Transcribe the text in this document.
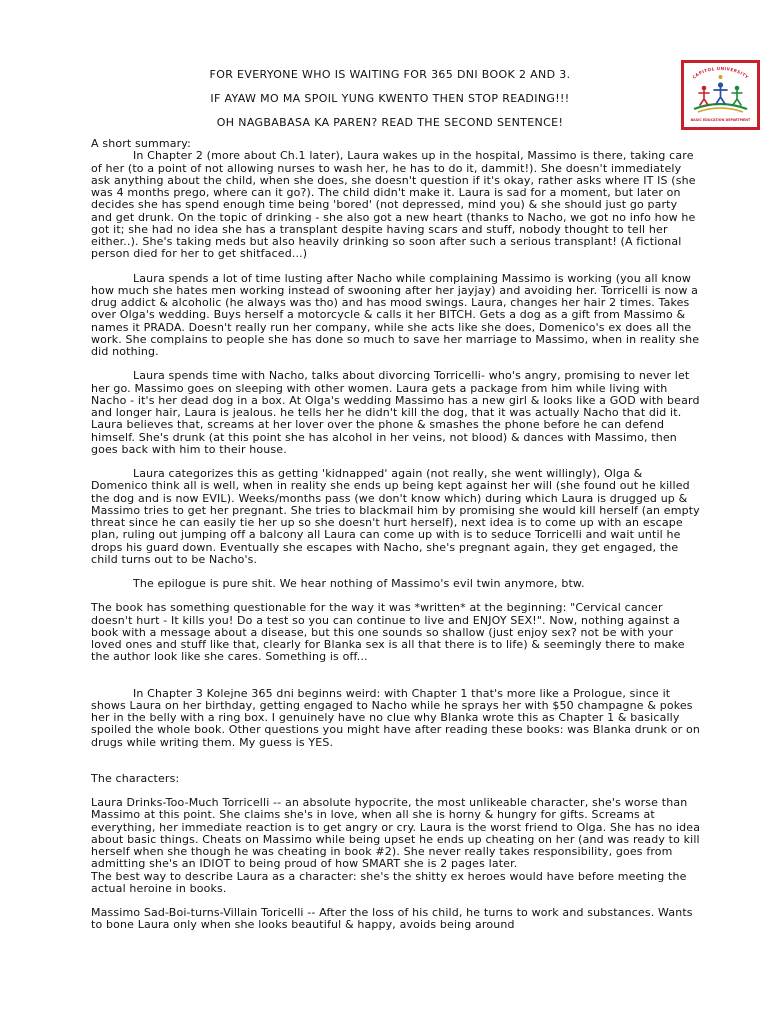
CAPITOL UNIVERSITY
BASIC EDUCATION DEPARTMENT

FOR EVERYONE WHO IS WAITING FOR 365 DNI BOOK 2 AND 3.

IF AYAW MO MA SPOIL YUNG KWENTO THEN STOP READING!!!

OH NAGBABASA KA PAREN? READ THE SECOND SENTENCE!

A short summary:

In Chapter 2 (more about Ch.1 later), Laura wakes up in the hospital, Massimo is there, taking care of her (to a point of not allowing nurses to wash her, he has to do it, dammit!). She doesn't immediately ask anything about the child, when she does, she doesn't question if it's okay, rather asks where IT IS (she was 4 months prego, where can it go?). The child didn't make it. Laura is sad for a moment, but later on decides she has spend enough time being 'bored' (not depressed, mind you) & she should just go party and get drunk. On the topic of drinking - she also got a new heart (thanks to Nacho, we got no info how he got it; she had no idea she has a transplant despite having scars and stuff, nobody thought to tell her either..). She's taking meds but also heavily drinking so soon after such a serious transplant! (A fictional person died for her to get shitfaced...)

Laura spends a lot of time lusting after Nacho while complaining Massimo is working (you all know how much she hates men working instead of swooning after her jayjay) and avoiding her. Torricelli is now a drug addict & alcoholic (he always was tho) and has mood swings. Laura, changes her hair 2 times. Takes over Olga's wedding. Buys herself a motorcycle & calls it her BITCH. Gets a dog as a gift from Massimo & names it PRADA. Doesn't really run her company, while she acts like she does, Domenico's ex does all the work. She complains to people she has done so much to save her marriage to Massimo, when in reality she did nothing.

Laura spends time with Nacho, talks about divorcing Torricelli- who's angry, promising to never let her go. Massimo goes on sleeping with other women. Laura gets a package from him while living with Nacho - it's her dead dog in a box. At Olga's wedding Massimo has a new girl & looks like a GOD with beard and longer hair, Laura is jealous. he tells her he didn't kill the dog, that it was actually Nacho that did it. Laura believes that, screams at her lover over the phone & smashes the phone before he can defend himself. She's drunk (at this point she has alcohol in her veins, not blood) & dances with Massimo, then goes back with him to their house.

Laura categorizes this as getting 'kidnapped' again (not really, she went willingly), Olga & Domenico think all is well, when in reality she ends up being kept against her will (she found out he killed the dog and is now EVIL). Weeks/months pass (we don't know which) during which Laura is drugged up & Massimo tries to get her pregnant. She tries to blackmail him by promising she would kill herself (an empty threat since he can easily tie her up so she doesn't hurt herself), next idea is to come up with an escape plan, ruling out jumping off a balcony all Laura can come up with is to seduce Torricelli and wait until he drops his guard down. Eventually she escapes with Nacho, she's pregnant again, they get engaged, the child turns out to be Nacho's.

The epilogue is pure shit. We hear nothing of Massimo's evil twin anymore, btw.

The book has something questionable for the way it was *written* at the beginning: "Cervical cancer doesn't hurt - It kills you! Do a test so you can continue to live and ENJOY SEX!". Now, nothing against a book with a message about a disease, but this one sounds so shallow (just enjoy sex? not be with your loved ones and stuff like that, clearly for Blanka sex is all that there is to life) & seemingly there to make the author look like she cares. Something is off...

In Chapter 3 Kolejne 365 dni beginns weird: with Chapter 1 that's more like a Prologue, since it shows Laura on her birthday, getting engaged to Nacho while he sprays her with $50 champagne & pokes her in the belly with a ring box. I genuinely have no clue why Blanka wrote this as Chapter 1 & basically spoiled the whole book. Other questions you might have after reading these books: was Blanka drunk or on drugs while writing them. My guess is YES.

The characters:

Laura Drinks-Too-Much Torricelli -- an absolute hypocrite, the most unlikeable character, she's worse than Massimo at this point. She claims she's in love, when all she is horny & hungry for gifts. Screams at everything, her immediate reaction is to get angry or cry. Laura is the worst friend to Olga. She has no idea about basic things. Cheats on Massimo while being upset he ends up cheating on her (and was ready to kill herself when she though he was cheating in book #2). She never really takes responsibility, goes from admitting she's an IDIOT to being proud of how SMART she is 2 pages later.

The best way to describe Laura as a character: she's the shitty ex heroes would have before meeting the actual heroine in books.

Massimo Sad-Boi-turns-Villain Toricelli -- After the loss of his child, he turns to work and substances. Wants to bone Laura only when she looks beautiful & happy, avoids being around
